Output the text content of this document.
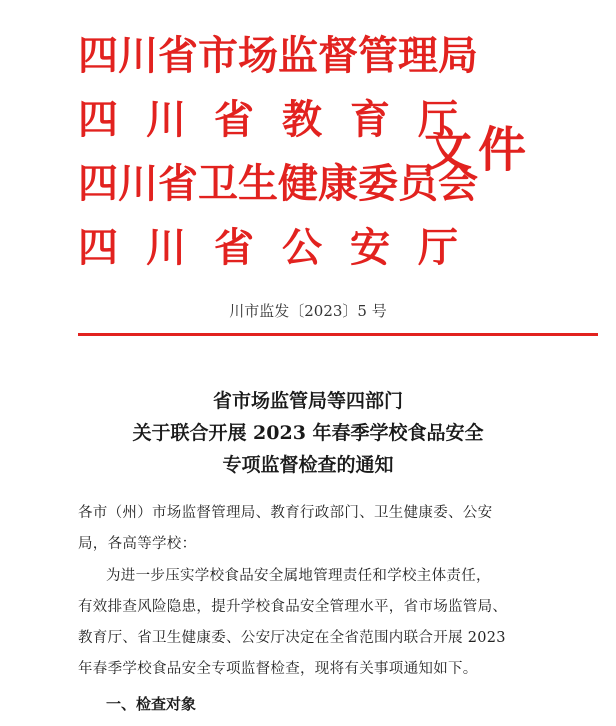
四川省市场监督管理局
四川省教育厅
四川省卫生健康委员会
四川省公安厅
文件
川市监发〔2023〕5 号
省市场监管局等四部门
关于联合开展 2023 年春季学校食品安全
专项监督检查的通知
各市（州）市场监督管理局、教育行政部门、卫生健康委、公安
局，各高等学校：
为进一步压实学校食品安全属地管理责任和学校主体责任，
有效排查风险隐患，提升学校食品安全管理水平，省市场监管局、
教育厅、省卫生健康委、公安厅决定在全省范围内联合开展 2023
年春季学校食品安全专项监督检查，现将有关事项通知如下。
一、检查对象
